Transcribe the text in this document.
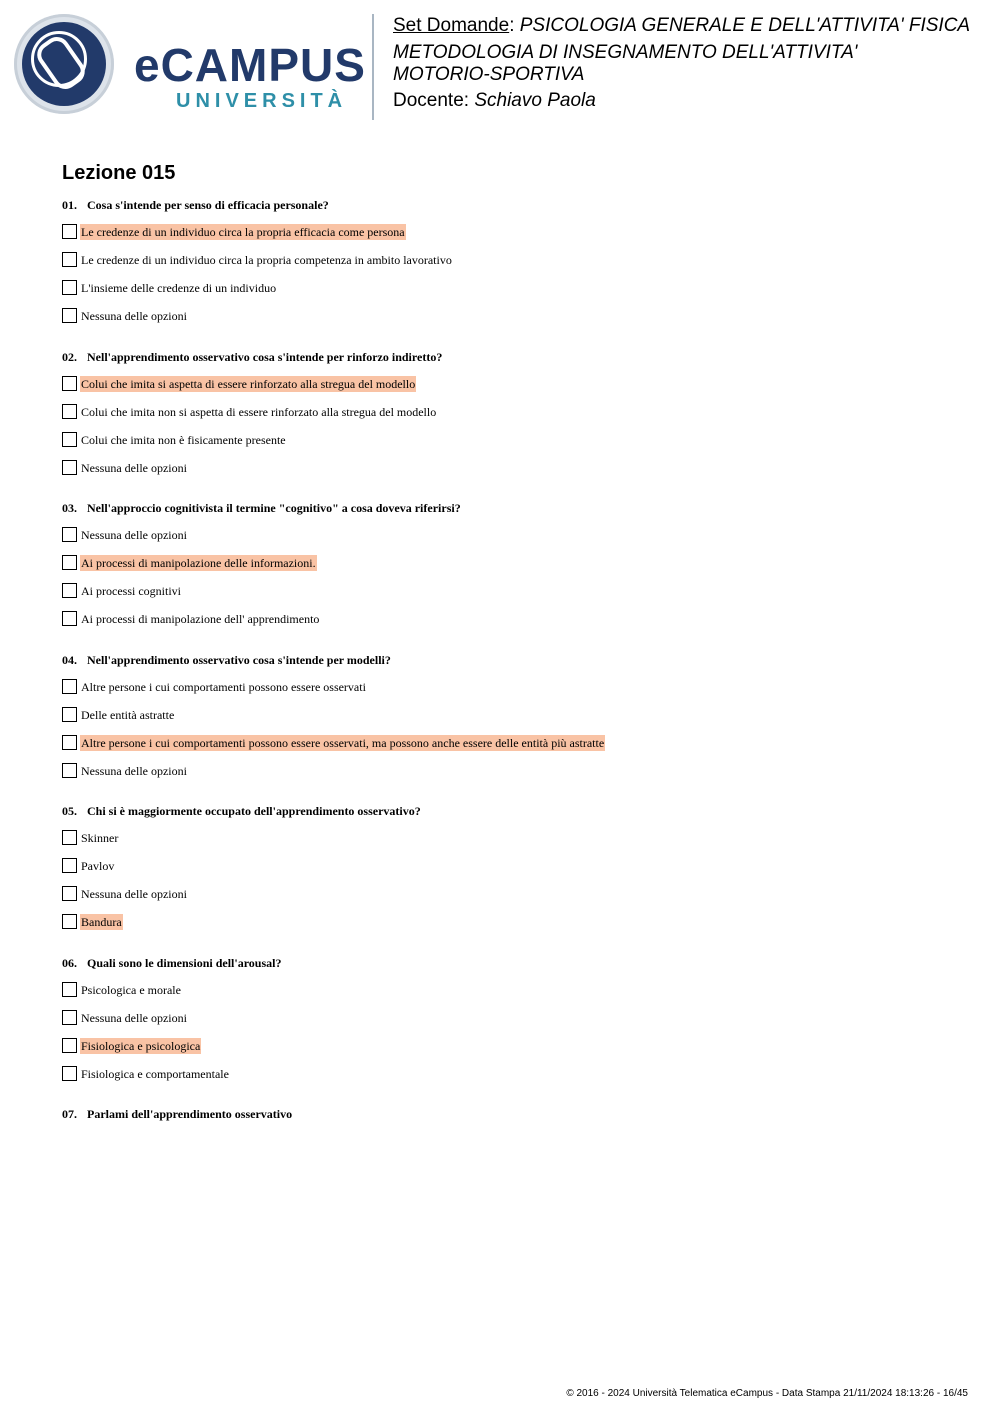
eCAMPUS
UNIVERSITÀ
Set Domande: PSICOLOGIA GENERALE E DELL'ATTIVITA' FISICA
METODOLOGIA DI INSEGNAMENTO DELL'ATTIVITA' MOTORIO-SPORTIVA
Docente: Schiavo Paola
Lezione 015
01. Cosa s'intende per senso di efficacia personale?
Le credenze di un individuo circa la propria efficacia come persona
Le credenze di un individuo circa la propria competenza in ambito lavorativo
L'insieme delle credenze di un individuo
Nessuna delle opzioni
02. Nell'apprendimento osservativo cosa s'intende per rinforzo indiretto?
Colui che imita si aspetta di essere rinforzato alla stregua del modello
Colui che imita non si aspetta di essere rinforzato alla stregua del modello
Colui che imita non è fisicamente presente
Nessuna delle opzioni
03. Nell'approccio cognitivista il termine "cognitivo" a cosa doveva riferirsi?
Nessuna delle opzioni
Ai processi di manipolazione delle informazioni.
Ai processi cognitivi
Ai processi di manipolazione dell' apprendimento
04. Nell'apprendimento osservativo cosa s'intende per modelli?
Altre persone i cui comportamenti possono essere osservati
Delle entità astratte
Altre persone i cui comportamenti possono essere osservati, ma possono anche essere delle entità più astratte
Nessuna delle opzioni
05. Chi si è maggiormente occupato dell'apprendimento osservativo?
Skinner
Pavlov
Nessuna delle opzioni
Bandura
06. Quali sono le dimensioni dell'arousal?
Psicologica e morale
Nessuna delle opzioni
Fisiologica e psicologica
Fisiologica e comportamentale
07. Parlami dell'apprendimento osservativo
© 2016 - 2024 Università Telematica eCampus - Data Stampa 21/11/2024 18:13:26 - 16/45
